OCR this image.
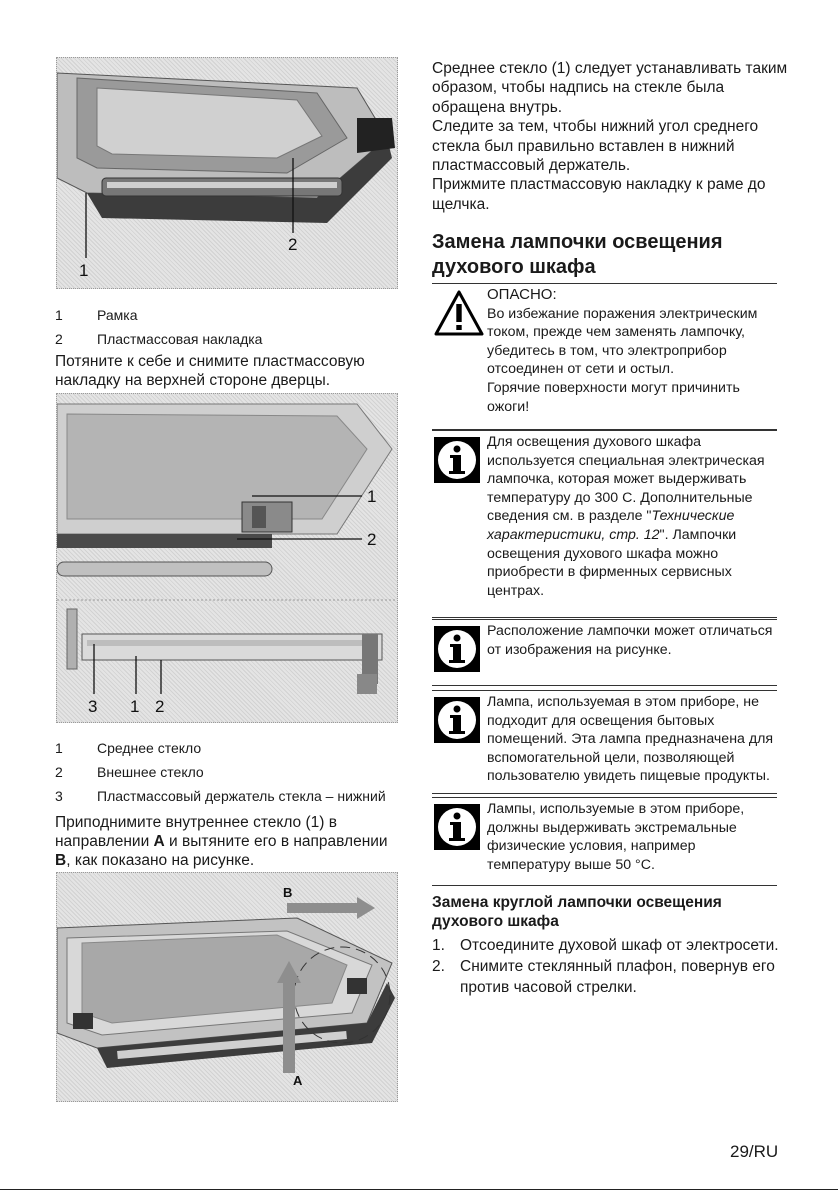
1
2
1	Рамка
2	Пластмассовая накладка
Потяните к себе и снимите пластмассовую накладку на верхней стороне дверцы.
1
2
3 1 2
1	Среднее стекло
2	Внешнее стекло
3	Пластмассовый держатель стекла – нижний
Приподнимите внутреннее стекло (1) в направлении A и вытяните его в направлении B, как показано на рисунке.
B
A

Среднее стекло (1) следует устанавливать таким образом, чтобы надпись на стекле была обращена внутрь.

Следите за тем, чтобы нижний угол среднего стекла был правильно вставлен в нижний пластмассовый держатель.

Прижмите пластмассовую накладку к раме до щелчка.

Замена лампочки освещения
духового шкафа

ОПАСНО:

Во избежание поражения электрическим током, прежде чем заменять лампочку, убедитесь в том, что электроприбор отсоединен от сети и остыл.

Горячие поверхности могут причинить ожоги!

Для освещения духового шкафа используется специальная электрическая лампочка, которая может выдерживать температуру до 300 C. Дополнительные сведения см. в разделе "Технические характеристики, стр. 12". Лампочки освещения духового шкафа можно приобрести в фирменных сервисных центрах.

Расположение лампочки может отличаться от изображения на рисунке.

Лампа, используемая в этом приборе, не подходит для освещения бытовых помещений. Эта лампа предназначена для вспомогательной цели, позволяющей пользователю увидеть пищевые продукты.

Лампы, используемые в этом приборе, должны выдерживать экстремальные физические условия, например температуру выше 50 °C.

Замена круглой лампочки освещения духового шкафа
1. Отсоедините духовой шкаф от электросети.
2. Снимите стеклянный плафон, повернув его против часовой стрелки.
29/RU
